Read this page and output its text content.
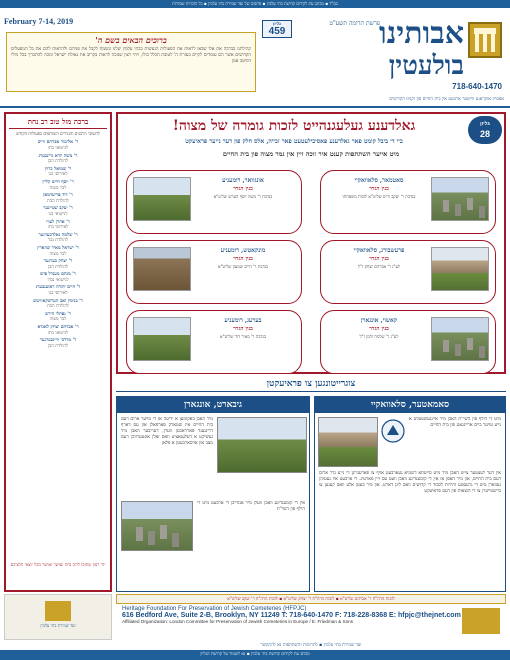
בס"ד ▪ מכתב עת לקידום קדושת בתי עלמין ▪ פרסום של ועד שמירת בתי עלמין ▪ כל הזכויות שמורות
אבותינו
בולעטין
718-640-1470
אפטייג אוקראנע ווייטער ארבעט אין בית החיים פון זקנינו הקדושים
February 7-14, 2019	גליון
459
פרשת תרומה תשע"ט
ברוכים הבאים בשם ה'
קהילתנו בברכה את אלו שבאו לראות את הפעולות הנעשות בבתי עלמין שלנו ונשמח לקבל את פניהם ולהראות להם את כל המפעלים הקדושים אשר הם עומדים לקיים בעזרת ה' לטובת הכלל כולו, ויהי רצון שנזכה לראות בקרוב את גאולת ישראל ונזכה להתברך בכל מילי דמיטב אמן
ברכת מזל טוב רב נחת
לחשובי הרבנים והנגידים השותפים בפעולות הקודש
ר' אליעזר אברהם ווייס
לנישואי בתו
ר' משה יודא גרינבערג
להולדת הבן
ר' שמואל ברוין
לאירוסי בנו
ר' יוסף חיים קליין
לבר מצוה
ר' דוד פריעדמאן
להולדת הבת
ר' יעקב שטיינער
לנישואי בנו
ר' אהרן לעווי
לאירוסי בתו
ר' שלמה גאלדבערגער
להולדת נכד
ר' ישראל מאיר שווארץ
לבר מצוה
ר' יצחק בערגער
להולדת הבן
ר' מנחם מענדל פיש
לנישואי נכדו
ר' חיים יהודה ראזענבערג
לאירוסי בנו
ר' בנימין זאב הערשקאוויטש
להולדת הבת
ר' נפתלי הירש
לבר מצוה
ר' אברהם יצחק לאנדא
לנישואי בתו
ר' מרדכי וויינבערגער
להולדת הבן
יהי רצון שתזכו לרוב נחת ועושר ואושר מכל יוצאי חלציכם
ועד שמירת בתי עלמין
גליון
28
גאלדענע געלעגנהייט לזכות גומרה של מצוה!
ביי די ביבל קומט פאר גאלדענע פאסיבילעטעט פאר זכייה, אלס חלק פון דער נייער פראיעקט
מיט אייער השתתפות קענט איר זוכה זיין אין גמר מצוה פון בית החיים
סאטמאר, סלאוואקיי
בנין הגדר
בנדבת ר' יעקב ווייס שליט"א לזכות משפחתו
אונגוואר, רומעניע
בנין הגדר
בנדבת ר' משה יוסף הערש שליט"א
פרעשבורג, סלאוואקיי
בנין הגדר
לע"נ ר' אברהם יצחק ז"ל
מונקאטש, רומעניע
בנין הגדר
בנדבת ר' חיים שמעון שליט"א
קאשוי, אונגארן
בנין הגדר
לע"נ ר' שלמה זלמן ז"ל
בערעג, רומעניע
בנין הגדר
בנדבת ר' מאיר דוד שליט"א
צוגרייטונגען צו פראיעקטן
סאמאטער, סלאוואקיי
מיט די הילף פון השי"ת האבן מיר איינגעשטעלט א נייע טויער ביים אריינגאנג פון בית החיים
אין דער לעצטער צייט האבן מיר מיט סייעתא דשמיא געארבעט אויף צו פארענדיגן די נייע גדר ארום דעם בית החיים, און מיר האפן אז אין די קומענדיגע וואכן וועט עס זיין פארטיג. די ארבעט איז געטוהן געווארן מיט די גרעסטע זהירות לכבוד די קדושים וואס ליגן דארט, און מיר בעטן אלע וואס קענען צו ביישטייערן צו די הוצאות פון דעם פראיעקט
גיבארט, אונגארן
מיר האבן באקומען א ידיעה אז די מויער ארום דעם בית החיים איז שטארק פארפאלן און עס דארף דרינגענד פארראכטן ווערן, דעריבער האבן מיר געשיקט א דעלעגאציע וואס זאלן אונטערזוכן דעם מצב און אויסארבעטן א פלאן
אין די קומענדיגע וואכן וועלן מיר אנהייבן די ארבעט מיט די הילף פון השי"ת
לזכות הרה"ח ר' אברהם שליט"א ▪ לזכות הרה"ח ר' יצחק שליט"א ▪ לזכות הרה"ח ר' יעקב שליט"א
Heritage Foundation For Preservation of Jewish Cemeteries (HFPJC)
616 Bedford Ave, Suite 2-B, Brooklyn, NY 11249 T: 718-640-1470 F: 718-228-8368 E: hfpjc@thejnet.com
Affiliated Organization: London Committee for Preservation of Jewish Cemeteries in Europe / E. Friedman & Sons
ועד שמירת בתי עלמין ▪ לתרומות והשתתפות נא להתקשר
מכתב עת לקידום קדושת בתי עלמין ▪ נא לשמור על קדושת הגליון
